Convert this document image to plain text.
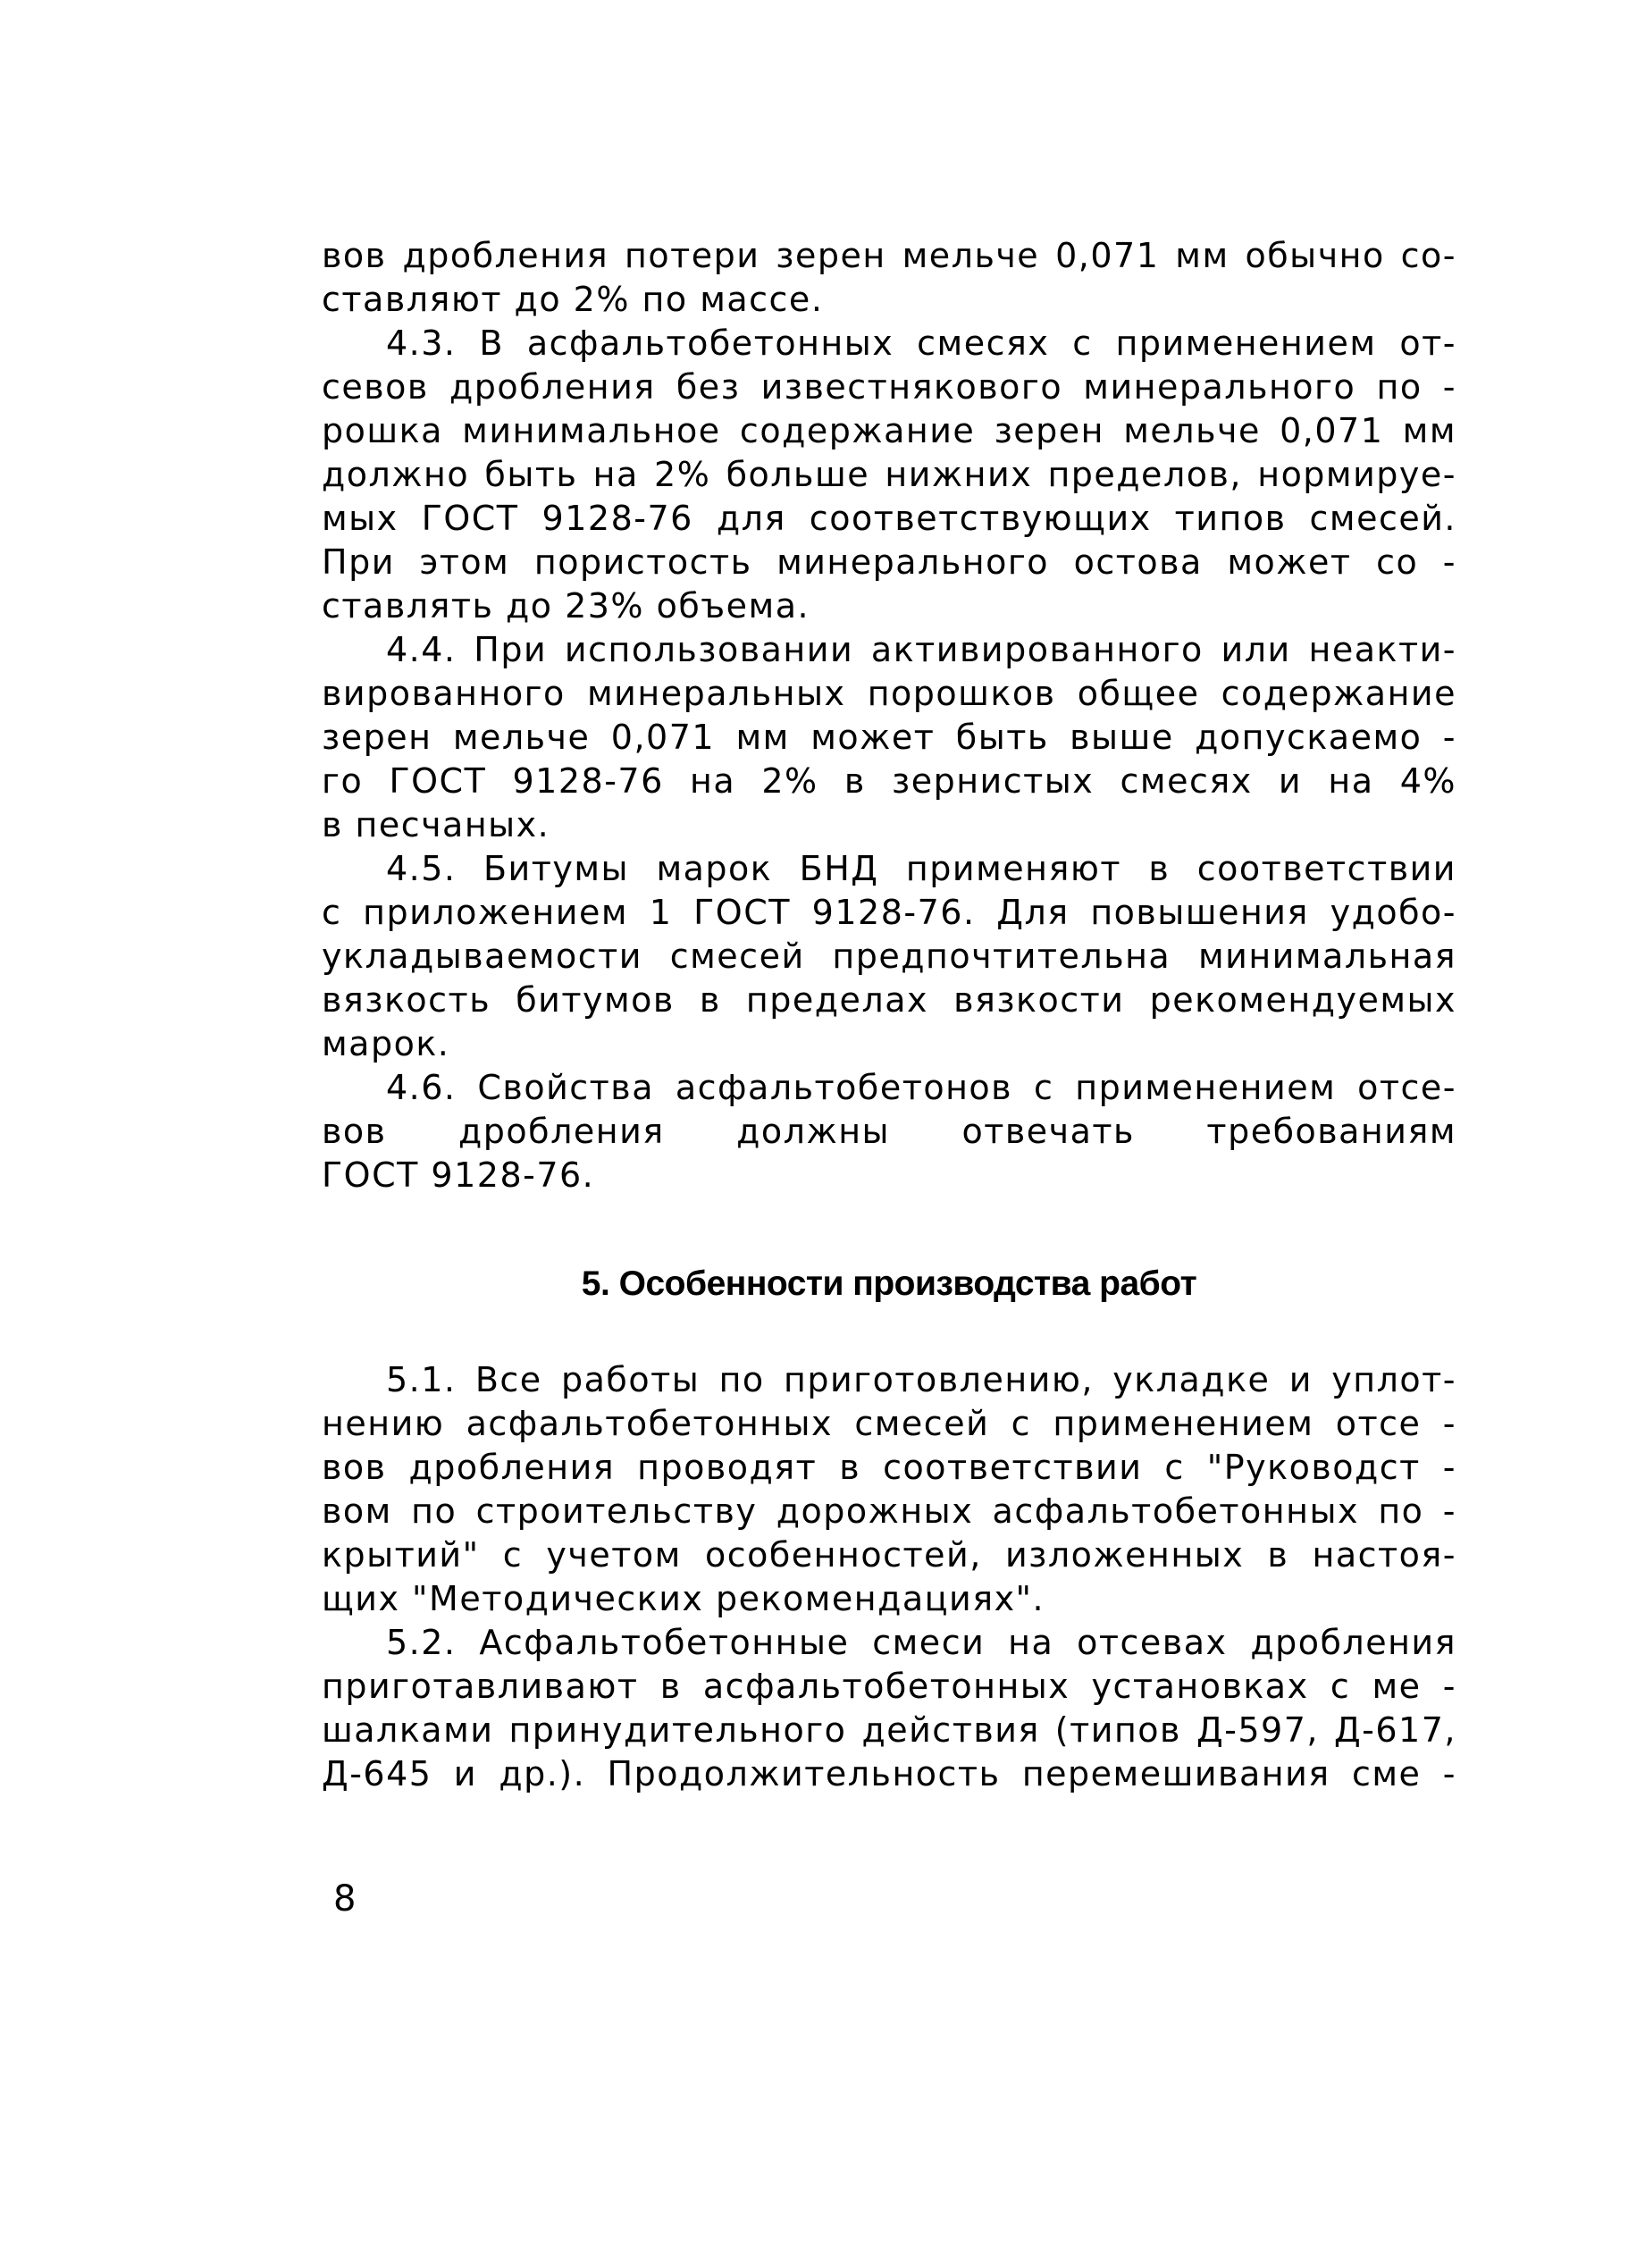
вов дробления потери зерен мельче 0,071 мм обычно со-
ставляют до 2% по массе.
4.3. В асфальтобетонных смесях с применением от-
севов дробления без известнякового минерального по -
рошка минимальное содержание зерен мельче 0,071 мм
должно быть на 2% больше нижних пределов, нормируе-
мых ГОСТ 9128-76 для соответствующих типов смесей.
При этом пористость минерального остова может со -
ставлять до 23% объема.
4.4. При использовании активированного или неакти-
вированного минеральных порошков общее содержание
зерен мельче 0,071 мм может быть выше допускаемо -
го ГОСТ 9128-76 на 2% в зернистых смесях и на 4%
в песчаных.
4.5. Битумы марок БНД применяют в соответствии
с приложением 1 ГОСТ 9128-76. Для повышения удобо-
укладываемости смесей предпочтительна минимальная
вязкость битумов в пределах вязкости рекомендуемых
марок.
4.6. Свойства асфальтобетонов с применением отсе-
вов дробления должны отвечать требованиям
ГОСТ 9128-76.
5. Особенности производства работ
5.1. Все работы по приготовлению, укладке и уплот-
нению асфальтобетонных смесей с применением отсе -
вов дробления проводят в соответствии с "Руководст -
вом по строительству дорожных асфальтобетонных по -
крытий" с учетом особенностей, изложенных в настоя-
щих "Методических рекомендациях".
5.2. Асфальтобетонные смеси на отсевах дробления
приготавливают в асфальтобетонных установках с ме -
шалками принудительного действия (типов Д-597, Д-617,
Д-645 и др.). Продолжительность перемешивания сме -
8
